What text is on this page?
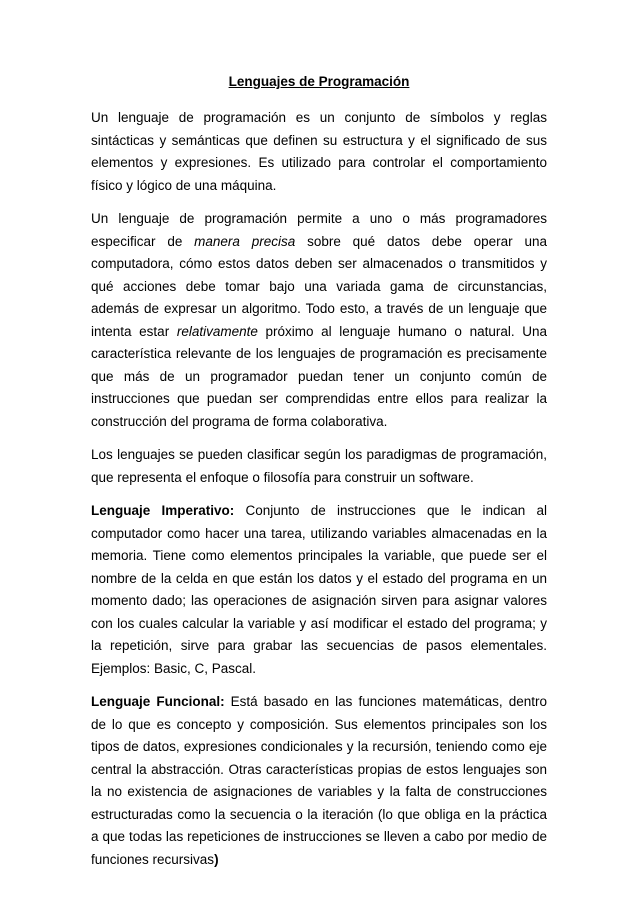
Lenguajes de Programación

Un lenguaje de programación es un conjunto de símbolos y reglas sintácticas y semánticas que definen su estructura y el significado de sus elementos y expresiones. Es utilizado para controlar el comportamiento físico y lógico de una máquina.

Un lenguaje de programación permite a uno o más programadores especificar de manera precisa sobre qué datos debe operar una computadora, cómo estos datos deben ser almacenados o transmitidos y qué acciones debe tomar bajo una variada gama de circunstancias, además de expresar un algoritmo. Todo esto, a través de un lenguaje que intenta estar relativamente próximo al lenguaje humano o natural. Una característica relevante de los lenguajes de programación es precisamente que más de un programador puedan tener un conjunto común de instrucciones que puedan ser comprendidas entre ellos para realizar la construcción del programa de forma colaborativa.

Los lenguajes se pueden clasificar según los paradigmas de programación, que representa el enfoque o filosofía para construir un software.

Lenguaje Imperativo: Conjunto de instrucciones que le indican al computador como hacer una tarea, utilizando variables almacenadas en la memoria. Tiene como elementos principales la variable, que puede ser el nombre de la celda en que están los datos y el estado del programa en un momento dado; las operaciones de asignación sirven para asignar valores con los cuales calcular la variable y así modificar el estado del programa; y la repetición, sirve para grabar las secuencias de pasos elementales. Ejemplos: Basic, C, Pascal.

Lenguaje Funcional: Está basado en las funciones matemáticas, dentro de lo que es concepto y composición. Sus elementos principales son los tipos de datos, expresiones condicionales y la recursión, teniendo como eje central la abstracción. Otras características propias de estos lenguajes son la no existencia de asignaciones de variables y la falta de construcciones estructuradas como la secuencia o la iteración (lo que obliga en la práctica a que todas las repeticiones de instrucciones se lleven a cabo por medio de funciones recursivas)
